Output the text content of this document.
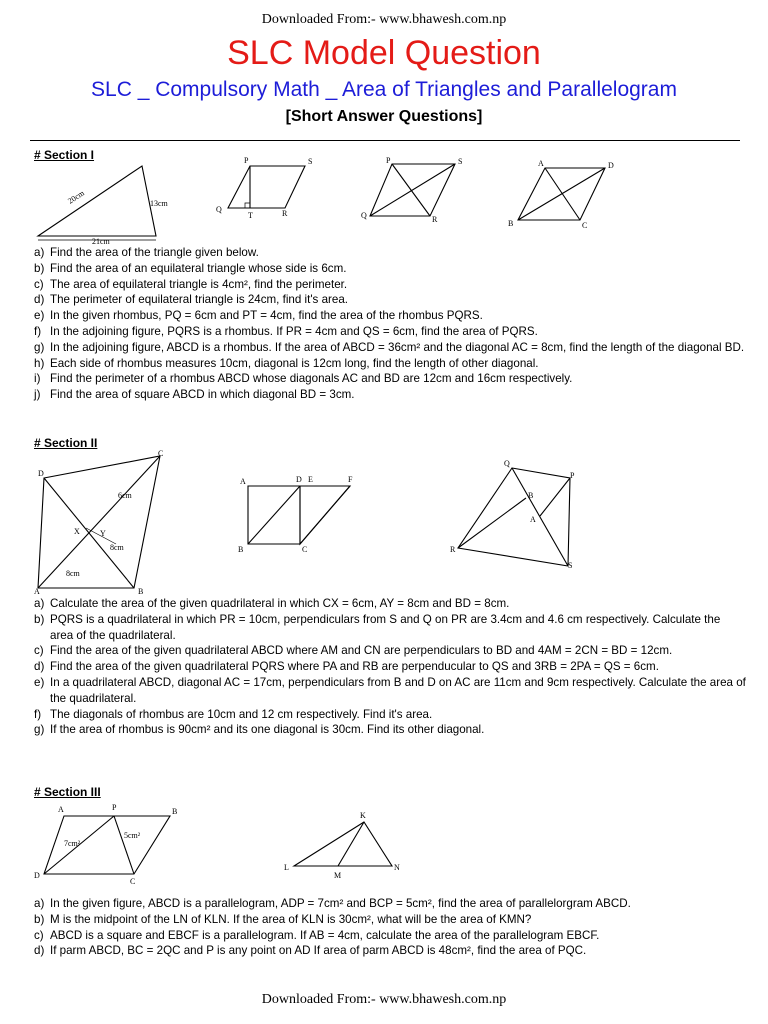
Downloaded From:- www.bhawesh.com.np
SLC Model Question
SLC _ Compulsory Math _ Area of Triangles and Parallelogram
[Short Answer Questions]
# Section I
21cm
13cm
20cm
P	S
Q
T	R
P	S
Q	R
A	D
B	C
a) Find the area of the triangle given below.
b) Find the area of an equilateral triangle whose side is 6cm.
c) The area of equilateral triangle is 4cm², find the perimeter.
d) The perimeter of equilateral triangle is 24cm, find it's area.
e) In the given rhombus, PQ = 6cm and PT = 4cm, find the area of the rhombus PQRS.
f) In the adjoining figure, PQRS is a rhombus. If PR = 4cm and QS = 6cm, find the area of PQRS.
g) In the adjoining figure, ABCD is a rhombus. If the area of ABCD = 36cm² and the diagonal AC = 8cm, find the length of the diagonal BD.
h) Each side of rhombus measures 10cm, diagonal is 12cm long, find the length of other diagonal.
i) Find the perimeter of a rhombus ABCD whose diagonals AC and BD are 12cm and 16cm respectively.
j) Find the area of square ABCD in which diagonal BD = 3cm.
# Section II
D
C
A	B
X	Y
6cm
8cm
8cm
A	D E	F
B	C
Q
P
B
A
R
S
a) Calculate the area of the given quadrilateral in which CX = 6cm, AY = 8cm and BD = 8cm.
b) PQRS is a quadrilateral in which PR = 10cm, perpendiculars from S and Q on PR are 3.4cm and 4.6 cm respectively. Calculate the area of the quadrilateral.
c) Find the area of the given quadrilateral ABCD where AM and CN are perpendiculars to BD and 4AM = 2CN = BD = 12cm.
d) Find the area of the given quadrilateral PQRS where PA and RB are perpenducular to QS and 3RB = 2PA = QS = 6cm.
e) In a quadrilateral ABCD, diagonal AC = 17cm, perpendiculars from B and D on AC are 11cm and 9cm respectively. Calculate the area of the quadrilateral.
f) The diagonals of rhombus are 10cm and 12 cm respectively. Find it's area.
g) If the area of rhombus is 90cm² and its one diagonal is 30cm. Find its other diagonal.
# Section III
A	P	B
D
C
7cm²
5cm²
K
L
M
N
a) In the given figure, ABCD is a parallelogram, ADP = 7cm² and BCP = 5cm², find the area of parallelorgram ABCD.
b) M is the midpoint of the LN of KLN. If the area of KLN is 30cm², what will be the area of KMN?
c) ABCD is a square and EBCF is a parallelogram. If AB = 4cm, calculate the area of the parallelogram EBCF.
d) If parm ABCD, BC = 2QC and P is any point on AD If area of parm ABCD is 48cm², find the area of PQC.
Downloaded From:- www.bhawesh.com.np
